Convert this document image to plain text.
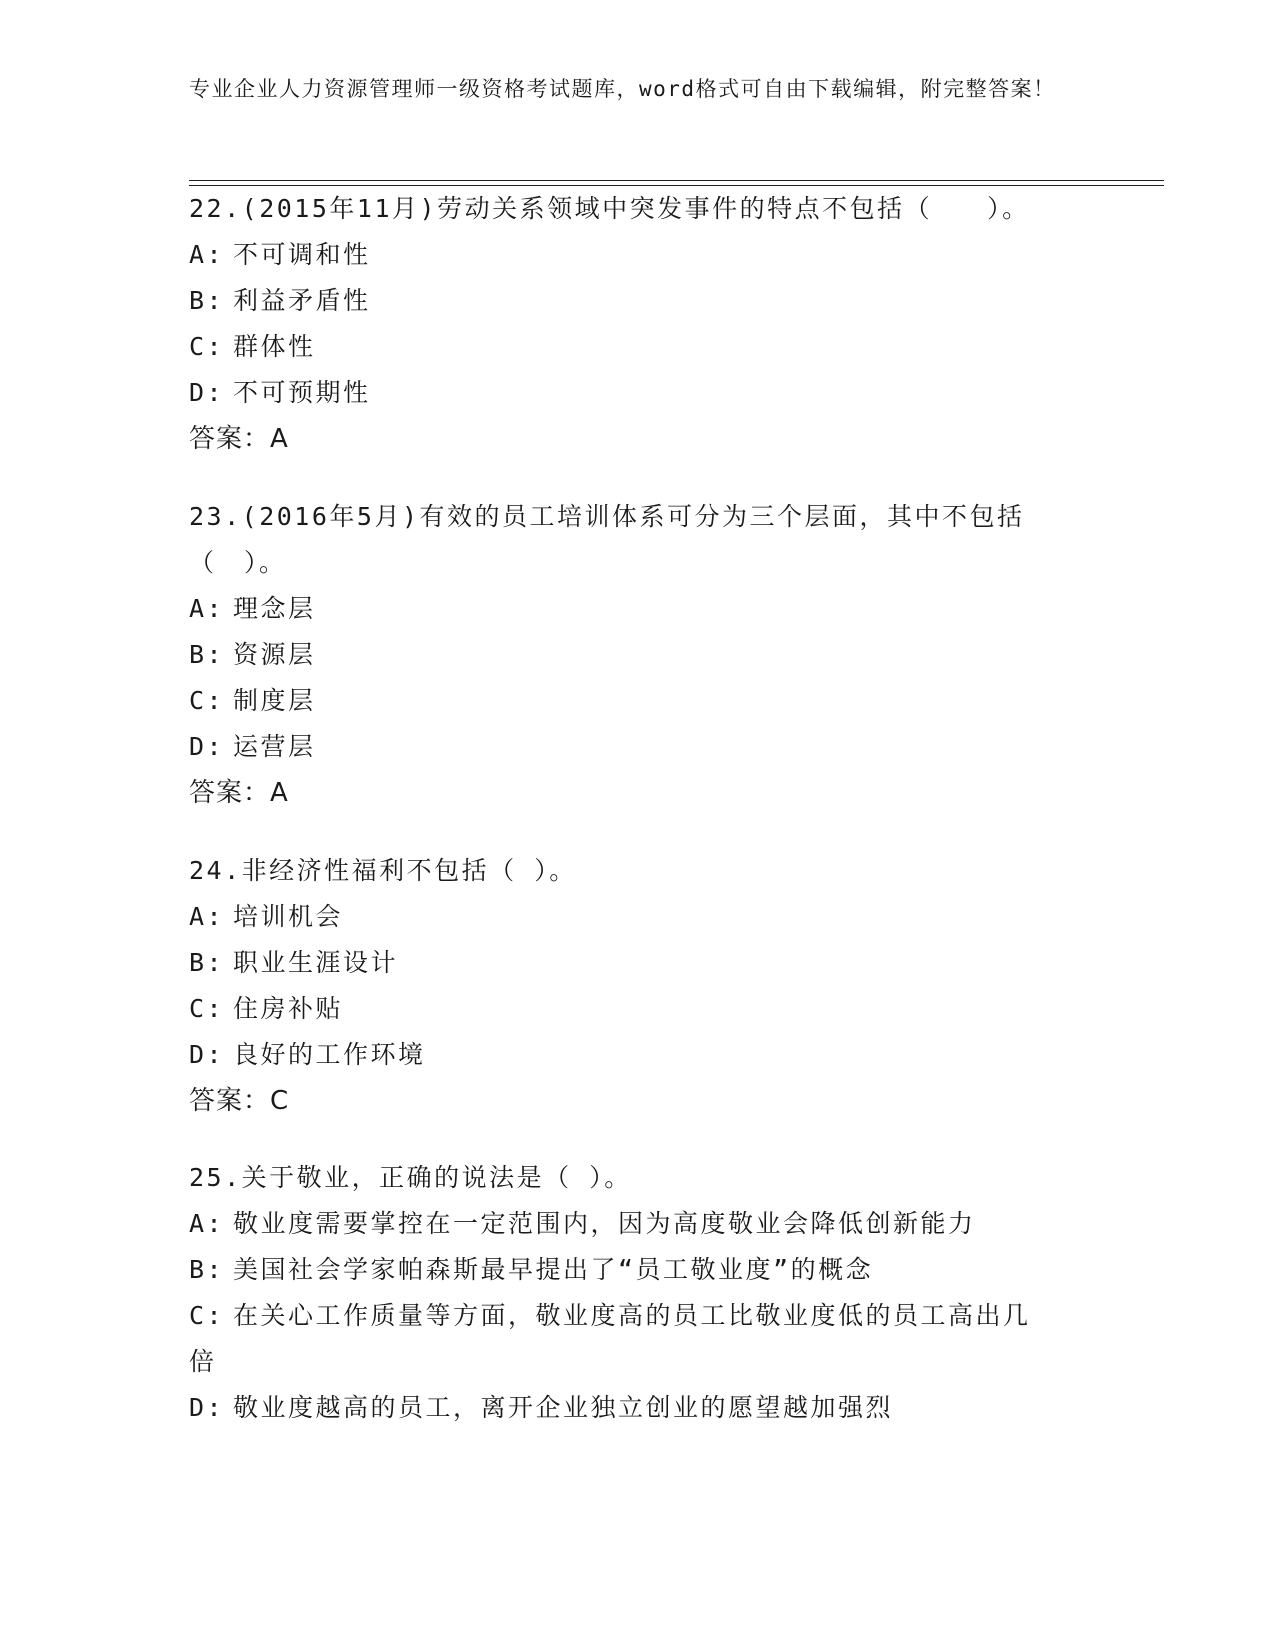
专业企业人力资源管理师一级资格考试题库，word格式可自由下载编辑，附完整答案！

22.(2015年11月)劳动关系领域中突发事件的特点不包括（　　）。

A: 不可调和性
B: 利益矛盾性
C: 群体性
D: 不可预期性

答案：A

23.(2016年5月)有效的员工培训体系可分为三个层面，其中不包括（　）。

A: 理念层
B: 资源层
C: 制度层
D: 运营层

答案：A

24.非经济性福利不包括（ ）。

A: 培训机会
B: 职业生涯设计
C: 住房补贴
D: 良好的工作环境

答案：C

25.关于敬业，正确的说法是（ ）。

A: 敬业度需要掌控在一定范围内，因为高度敬业会降低创新能力
B: 美国社会学家帕森斯最早提出了“员工敬业度”的概念
C: 在关心工作质量等方面，敬业度高的员工比敬业度低的员工高出几倍
D: 敬业度越高的员工，离开企业独立创业的愿望越加强烈
